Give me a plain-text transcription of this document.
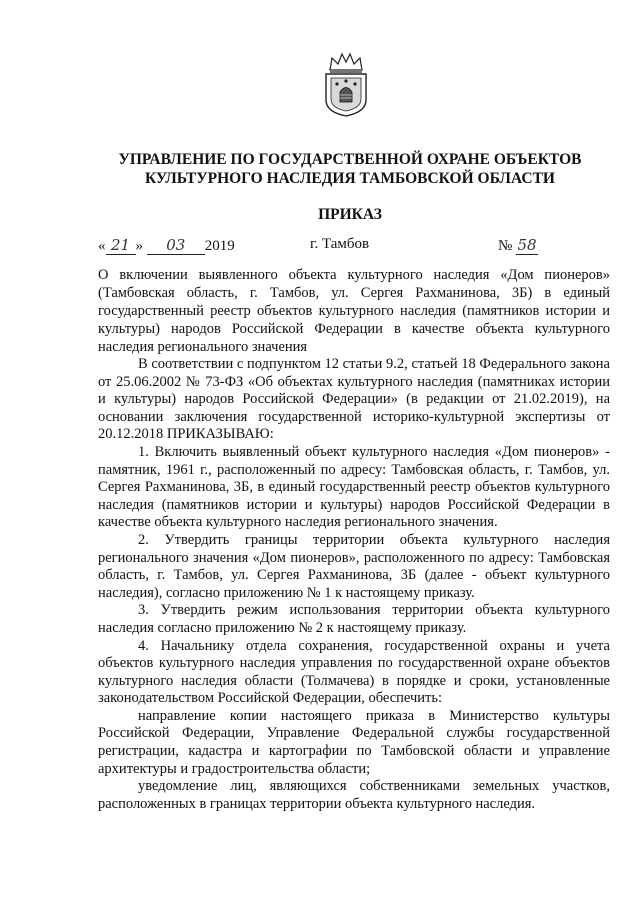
УПРАВЛЕНИЕ ПО ГОСУДАРСТВЕННОЙ ОХРАНЕ ОБЪЕКТОВ
КУЛЬТУРНОГО НАСЛЕДИЯ ТАМБОВСКОЙ ОБЛАСТИ
ПРИКАЗ
« 21 » 03 2019	г. Тамбов	№ 58
О включении выявленного объекта культурного наследия «Дом пионеров» (Тамбовская область, г. Тамбов, ул. Сергея Рахманинова, 3Б) в единый государственный реестр объектов культурного наследия (памятников истории и культуры) народов Российской Федерации в качестве объекта культурного наследия регионального значения

В соответствии с подпунктом 12 статьи 9.2, статьей 18 Федерального закона от 25.06.2002 № 73-ФЗ «Об объектах культурного наследия (памятниках истории и культуры) народов Российской Федерации» (в редакции от 21.02.2019), на основании заключения государственной историко-культурной экспертизы от 20.12.2018 ПРИКАЗЫВАЮ:

1. Включить выявленный объект культурного наследия «Дом пионеров» - памятник, 1961 г., расположенный по адресу: Тамбовская область, г. Тамбов, ул. Сергея Рахманинова, 3Б, в единый государственный реестр объектов культурного наследия (памятников истории и культуры) народов Российской Федерации в качестве объекта культурного наследия регионального значения.

2. Утвердить границы территории объекта культурного наследия регионального значения «Дом пионеров», расположенного по адресу: Тамбовская область, г. Тамбов, ул. Сергея Рахманинова, 3Б (далее - объект культурного наследия), согласно приложению № 1 к настоящему приказу.

3. Утвердить режим использования территории объекта культурного наследия согласно приложению № 2 к настоящему приказу.

4. Начальнику отдела сохранения, государственной охраны и учета объектов культурного наследия управления по государственной охране объектов культурного наследия области (Толмачева) в порядке и сроки, установленные законодательством Российской Федерации, обеспечить:

направление копии настоящего приказа в Министерство культуры Российской Федерации, Управление Федеральной службы государственной регистрации, кадастра и картографии по Тамбовской области и управление архитектуры и градостроительства области;

уведомление лиц, являющихся собственниками земельных участков, расположенных в границах территории объекта культурного наследия.
